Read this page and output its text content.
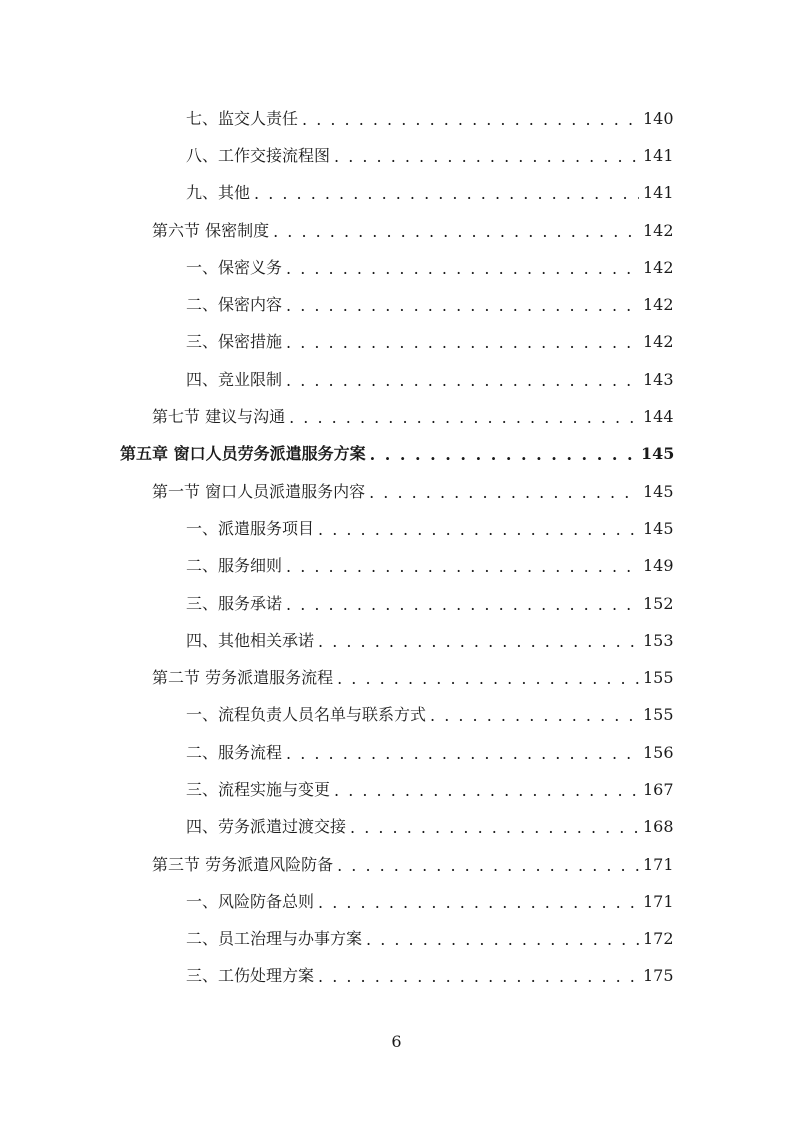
七、监交人责任 . . .	140
八、工作交接流程图 . . .	141
九、其他 . . .	141
第六节 保密制度 . . .	142
一、保密义务 . . .	142
二、保密内容 . . .	142
三、保密措施 . . .	142
四、竞业限制 . . .	143
第七节 建议与沟通 . . .	144
第五章 窗口人员劳务派遣服务方案 . . .	145
第一节 窗口人员派遣服务内容 . . .	145
一、派遣服务项目 . . .	145
二、服务细则 . . .	149
三、服务承诺 . . .	152
四、其他相关承诺 . . .	153
第二节 劳务派遣服务流程 . . .	155
一、流程负责人员名单与联系方式 . . .	155
二、服务流程 . . .	156
三、流程实施与变更 . . .	167
四、劳务派遣过渡交接 . . .	168
第三节 劳务派遣风险防备 . . .	171
一、风险防备总则 . . .	171
二、员工治理与办事方案 . . .	172
三、工伤处理方案 . . .	175
6
